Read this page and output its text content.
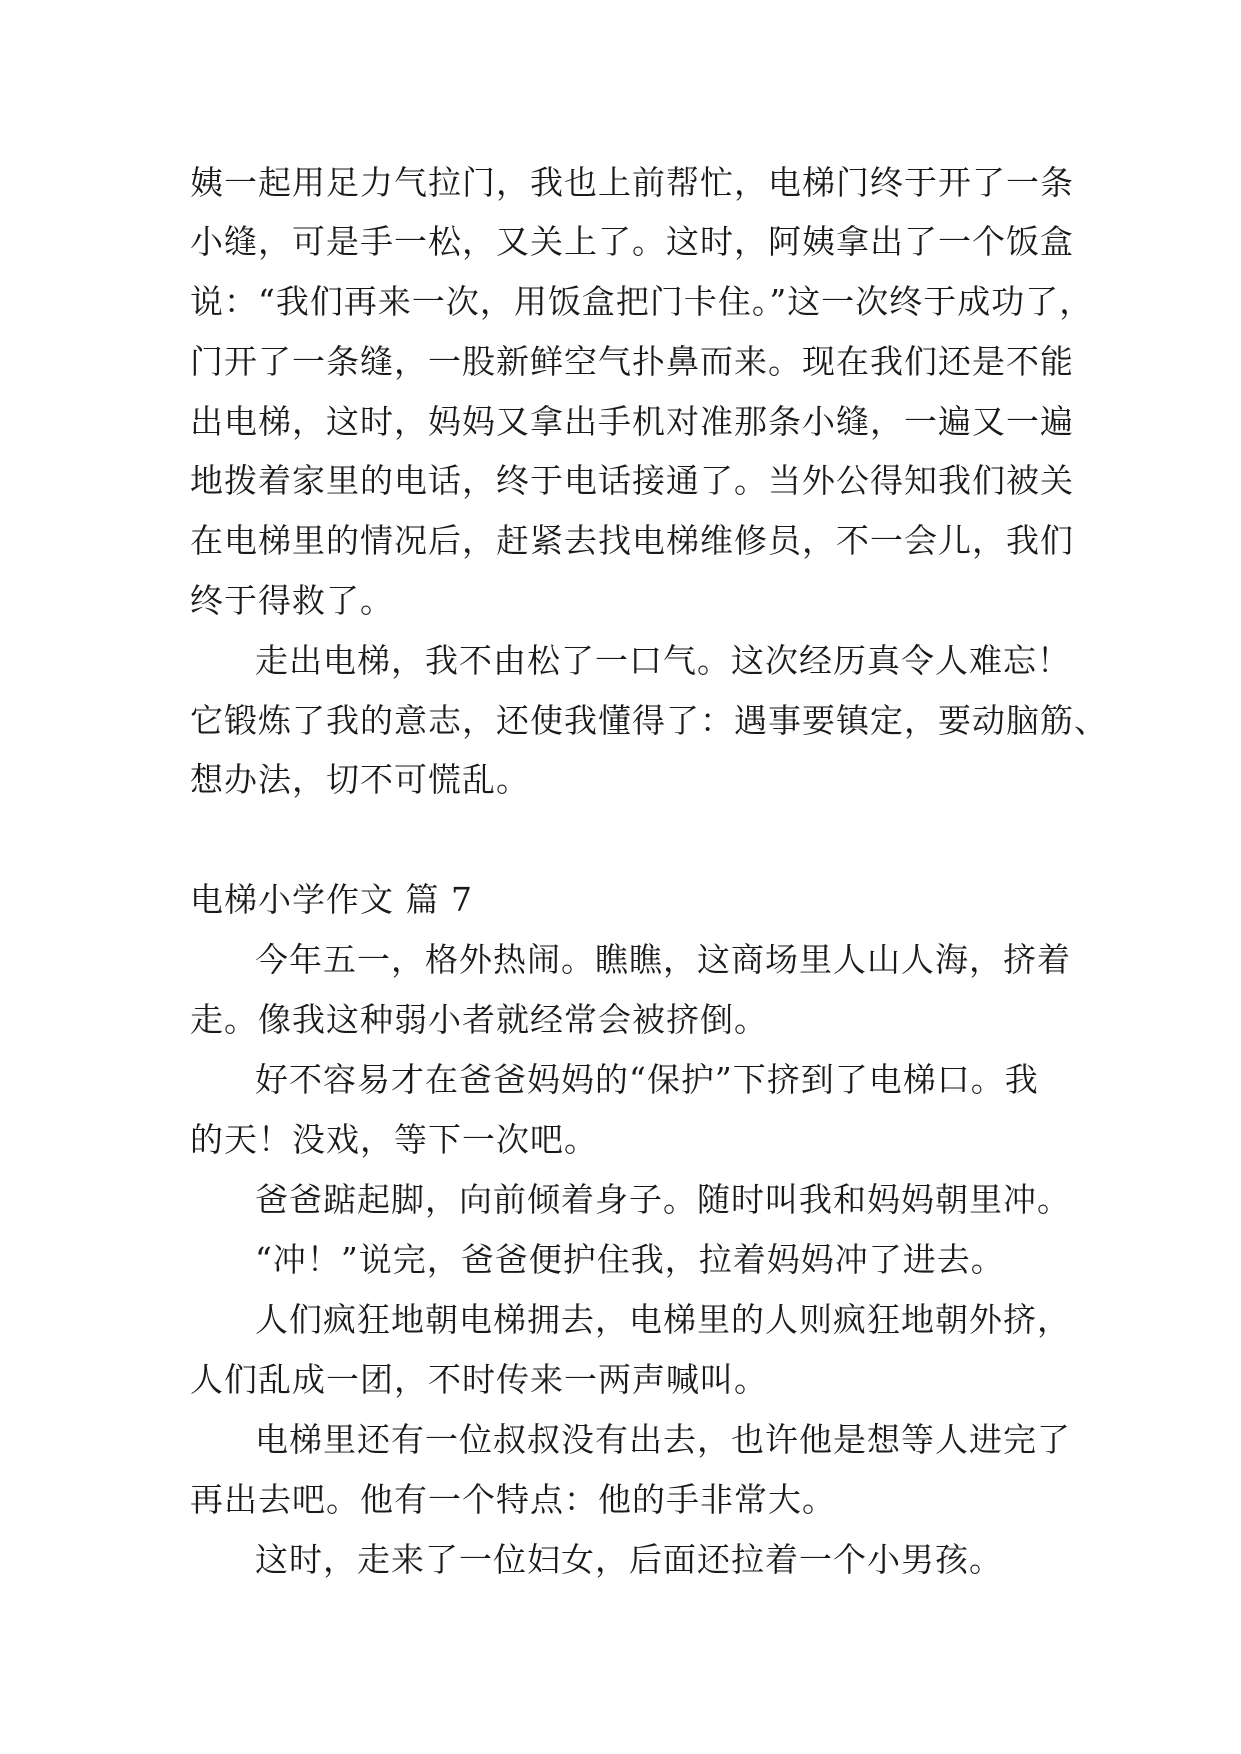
姨一起用足力气拉门，我也上前帮忙，电梯门终于开了一条
小缝，可是手一松，又关上了。这时，阿姨拿出了一个饭盒
说：“我们再来一次，用饭盒把门卡住。”这一次终于成功了，
门开了一条缝，一股新鲜空气扑鼻而来。现在我们还是不能
出电梯，这时，妈妈又拿出手机对准那条小缝，一遍又一遍
地拨着家里的电话，终于电话接通了。当外公得知我们被关
在电梯里的情况后，赶紧去找电梯维修员，不一会儿，我们
终于得救了。
走出电梯，我不由松了一口气。这次经历真令人难忘！
它锻炼了我的意志，还使我懂得了：遇事要镇定，要动脑筋、
想办法，切不可慌乱。
电梯小学作文 篇 7
今年五一，格外热闹。瞧瞧，这商场里人山人海，挤着
走。像我这种弱小者就经常会被挤倒。
好不容易才在爸爸妈妈的“保护”下挤到了电梯口。我
的天！没戏，等下一次吧。
爸爸踮起脚，向前倾着身子。随时叫我和妈妈朝里冲。
“冲！”说完，爸爸便护住我，拉着妈妈冲了进去。
人们疯狂地朝电梯拥去，电梯里的人则疯狂地朝外挤，
人们乱成一团，不时传来一两声喊叫。
电梯里还有一位叔叔没有出去，也许他是想等人进完了
再出去吧。他有一个特点：他的手非常大。
这时，走来了一位妇女，后面还拉着一个小男孩。
